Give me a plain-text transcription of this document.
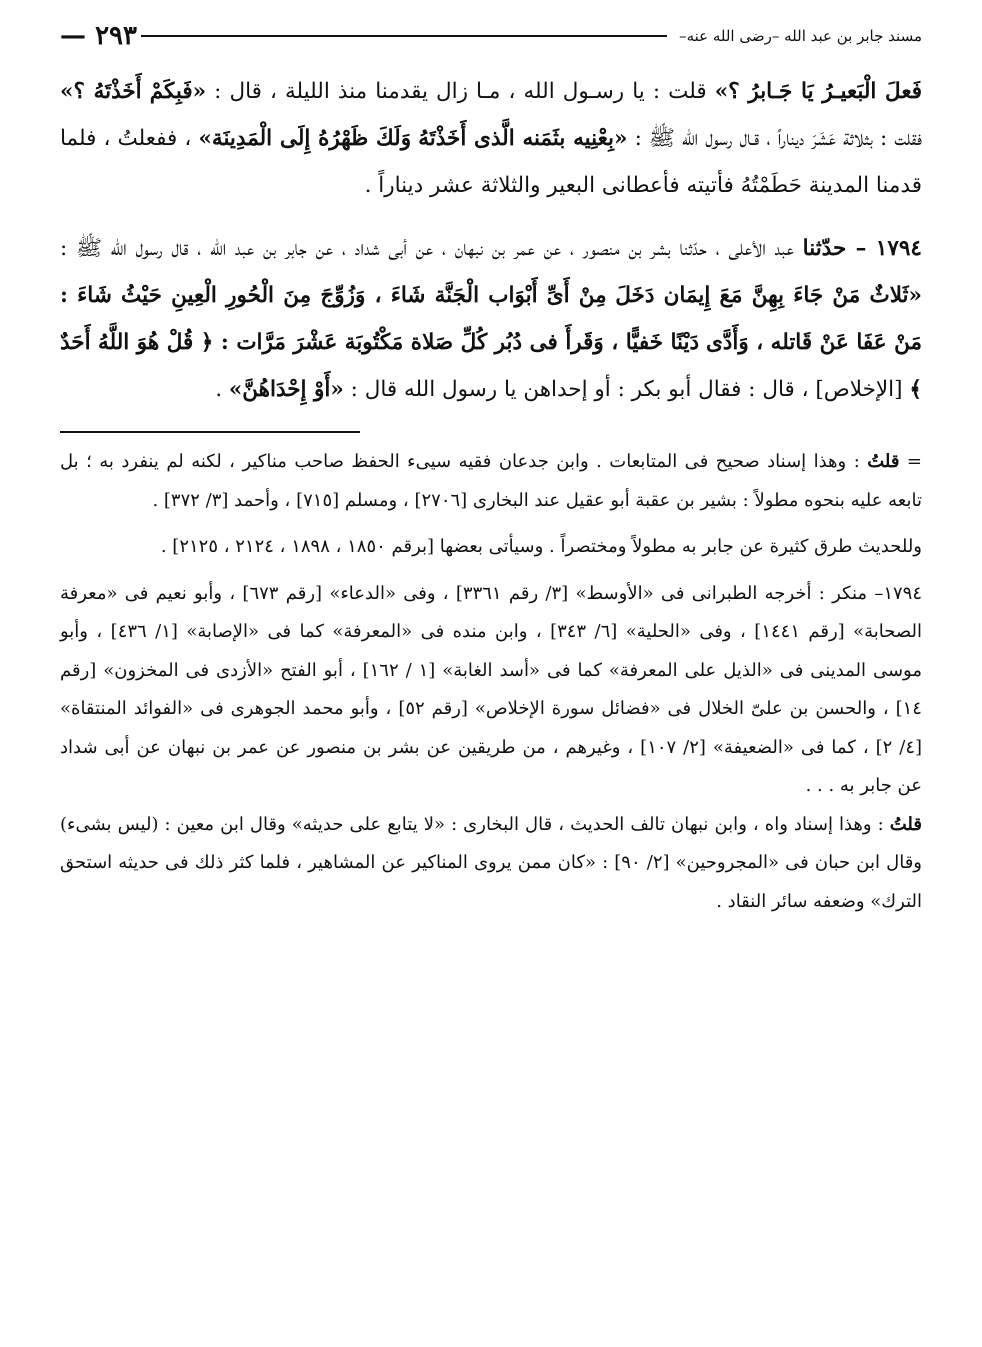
مسند جابر بن عبد الله –رضى الله عنه–
٢٩٣ —

فَعلَ الْبَعيـرُ يَا جَـابرُ ؟» قلت : يا رسـول الله ، مـا زال يقدمنا منذ الليلة ، قال : «فَبِكَمْ أَخَذْتَهُ ؟» فقلت : بثلاثة عَشَرَ ديناراً ، قـال رسول الله ﷺ : «بِعْنِيه بثَمَنه الَّذى أَخَذْتَهُ وَلَكَ ظَهْرُهُ إِلَى الْمَدِينَة» ، ففعلتُ ، فلما قدمنا المدينة حَطَمْتُهُ فأتيته فأعطانى البعير والثلاثة عشر ديناراً .

١٧٩٤ – حدّثنا عبد الأعلى ، حدّثنا بشر بن منصور ، عن عمر بن نبهان ، عن أبى شداد ، عن جابر بن عبد الله ، قال رسول الله ﷺ : «ثَلاثٌ مَنْ جَاءَ بِهِنَّ مَعَ إِيمَان دَخَلَ مِنْ أَىِّ أَبْوَاب الْجَنَّة شَاءَ ، وَزُوِّجَ مِنَ الْحُورِ الْعِينِ حَيْثُ شَاءَ : مَنْ عَفَا عَنْ قَاتله ، وَأَدَّى دَيْنًا خَفيًّا ، وَقَرأَ فى دُبُر كُلِّ صَلاة مَكْتُوبَة عَشْرَ مَرَّات : ﴿ قُلْ هُوَ اللَّهُ أَحَدٌ ﴾ [الإخلاص] ، قال : فقال أبو بكر : أو إحداهن يا رسول الله قال : «أَوْ إِحْدَاهُنَّ» .

= قلتُ : وهذا إسناد صحيح فى المتابعات . وابن جدعان فقيه سيىء الحفظ صاحب مناكير ، لكنه لم ينفرد به ؛ بل تابعه عليه بنحوه مطولاً : بشير بن عقبة أبو عقيل عند البخارى [٢٧٠٦] ، ومسلم [٧١٥] ، وأحمد [٣/ ٣٧٢] .

وللحديث طرق كثيرة عن جابر به مطولاً ومختصراً . وسيأتى بعضها [برقم ١٨٥٠ ، ١٨٩٨ ، ٢١٢٤ ، ٢١٢٥] .

١٧٩٤– منكر : أخرجه الطبرانى فى «الأوسط» [٣/ رقم ٣٣٦١] ، وفى «الدعاء» [رقم ٦٧٣] ، وأبو نعيم فى «معرفة الصحابة» [رقم ١٤٤١] ، وفى «الحلية» [٦/ ٣٤٣] ، وابن منده فى «المعرفة» كما فى «الإصابة» [١/ ٤٣٦] ، وأبو موسى المدينى فى «الذيل على المعرفة» كما فى «أسد الغابة» [١ / ١٦٢] ، أبو الفتح «الأزدى فى المخزون» [رقم ١٤] ، والحسن بن علىّ الخلال فى «فضائل سورة الإخلاص» [رقم ٥٢] ، وأبو محمد الجوهرى فى «الفوائد المنتقاة» [٤/ ٢] ، كما فى «الضعيفة» [٢/ ١٠٧] ، وغيرهم ، من طريقين عن بشر بن منصور عن عمر بن نبهان عن أبى شداد عن جابر به . . .

قلتُ : وهذا إسناد واه ، وابن نبهان تالف الحديث ، قال البخارى : «لا يتابع على حديثه» وقال ابن معين : (ليس بشىء) وقال ابن حبان فى «المجروحين» [٢/ ٩٠] : «كان ممن يروى المناكير عن المشاهير ، فلما كثر ذلك فى حديثه استحق الترك» وضعفه سائر النقاد .
